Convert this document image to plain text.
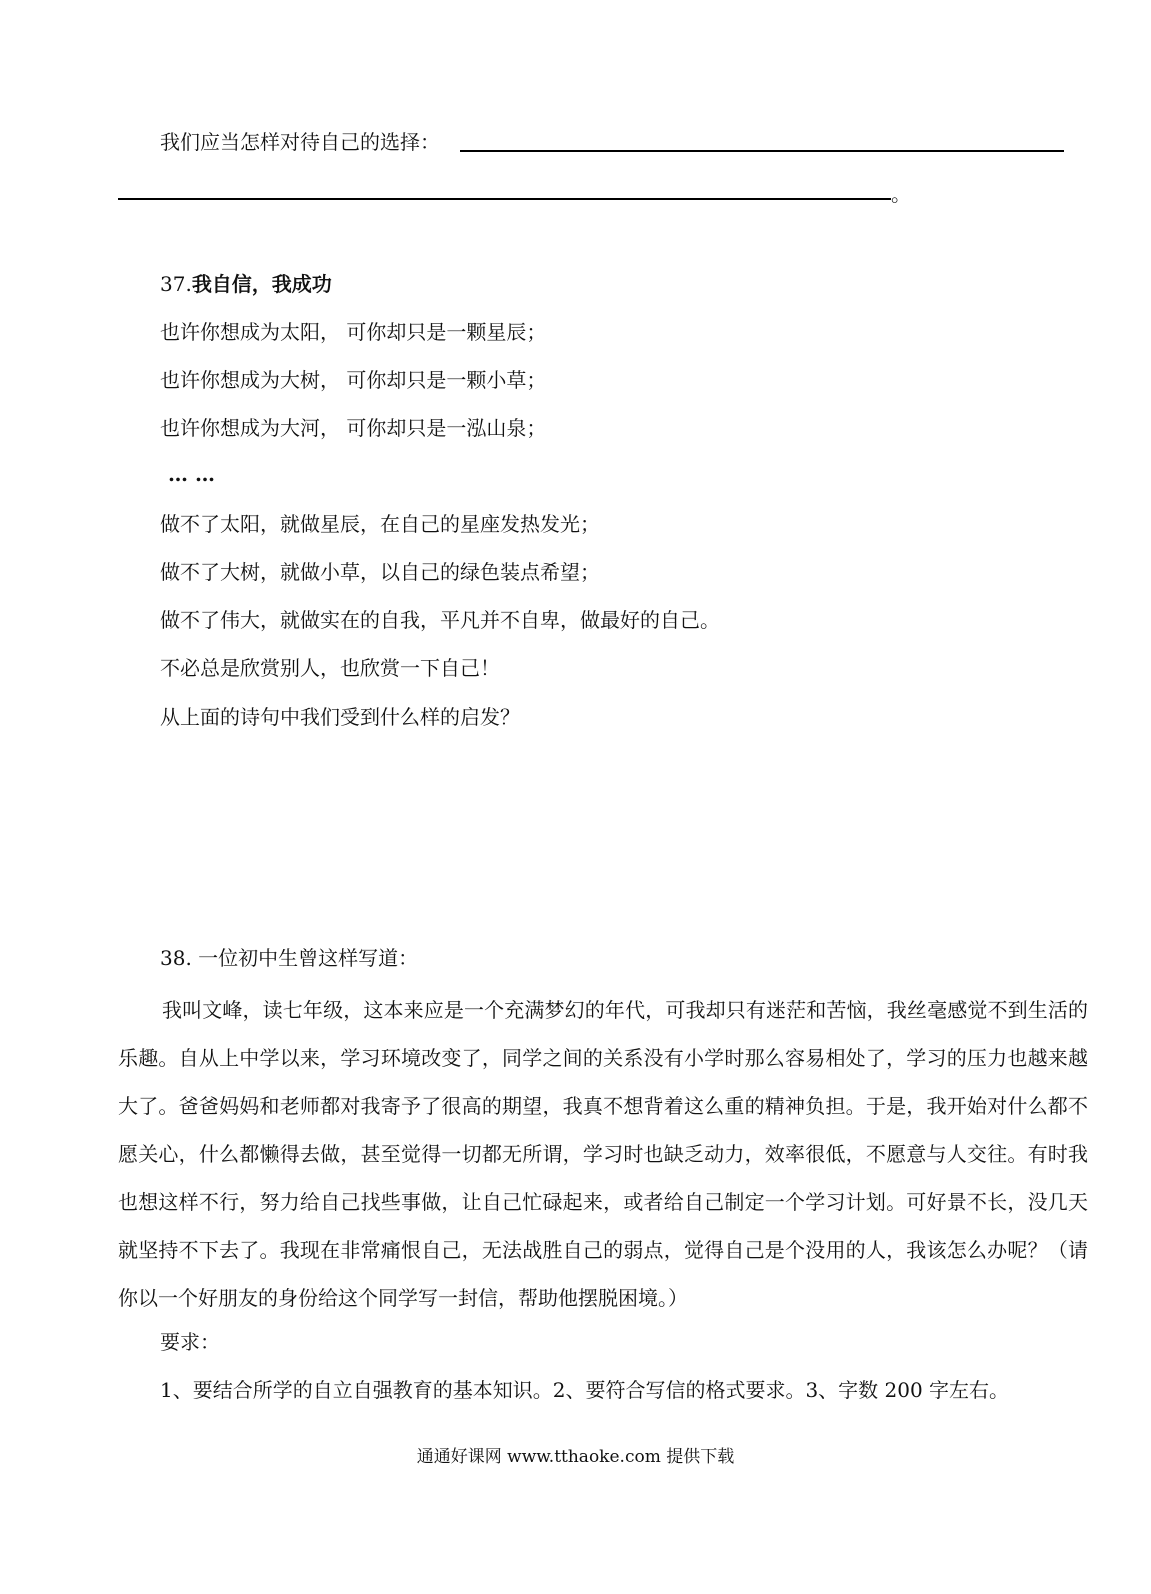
我们应当怎样对待自己的选择：
。
37.我自信，我成功
也许你想成为太阳， 可你却只是一颗星辰；
也许你想成为大树， 可你却只是一颗小草；
也许你想成为大河， 可你却只是一泓山泉；
… …
做不了太阳，就做星辰，在自己的星座发热发光；
做不了大树，就做小草，以自己的绿色装点希望；
做不了伟大，就做实在的自我，平凡并不自卑，做最好的自己。
不必总是欣赏别人，也欣赏一下自己！
从上面的诗句中我们受到什么样的启发？
38. 一位初中生曾这样写道：
我叫文峰，读七年级，这本来应是一个充满梦幻的年代，可我却只有迷茫和苦恼，我丝毫感觉不到生活的乐趣。自从上中学以来，学习环境改变了，同学之间的关系没有小学时那么容易相处了，学习的压力也越来越大了。爸爸妈妈和老师都对我寄予了很高的期望，我真不想背着这么重的精神负担。于是，我开始对什么都不愿关心，什么都懒得去做，甚至觉得一切都无所谓，学习时也缺乏动力，效率很低，不愿意与人交往。有时我也想这样不行，努力给自己找些事做，让自己忙碌起来，或者给自己制定一个学习计划。可好景不长，没几天就坚持不下去了。我现在非常痛恨自己，无法战胜自己的弱点，觉得自己是个没用的人，我该怎么办呢？（请你以一个好朋友的身份给这个同学写一封信，帮助他摆脱困境。）
要求：
1、要结合所学的自立自强教育的基本知识。2、要符合写信的格式要求。3、字数 200 字左右。
通通好课网 www.tthaoke.com 提供下载
